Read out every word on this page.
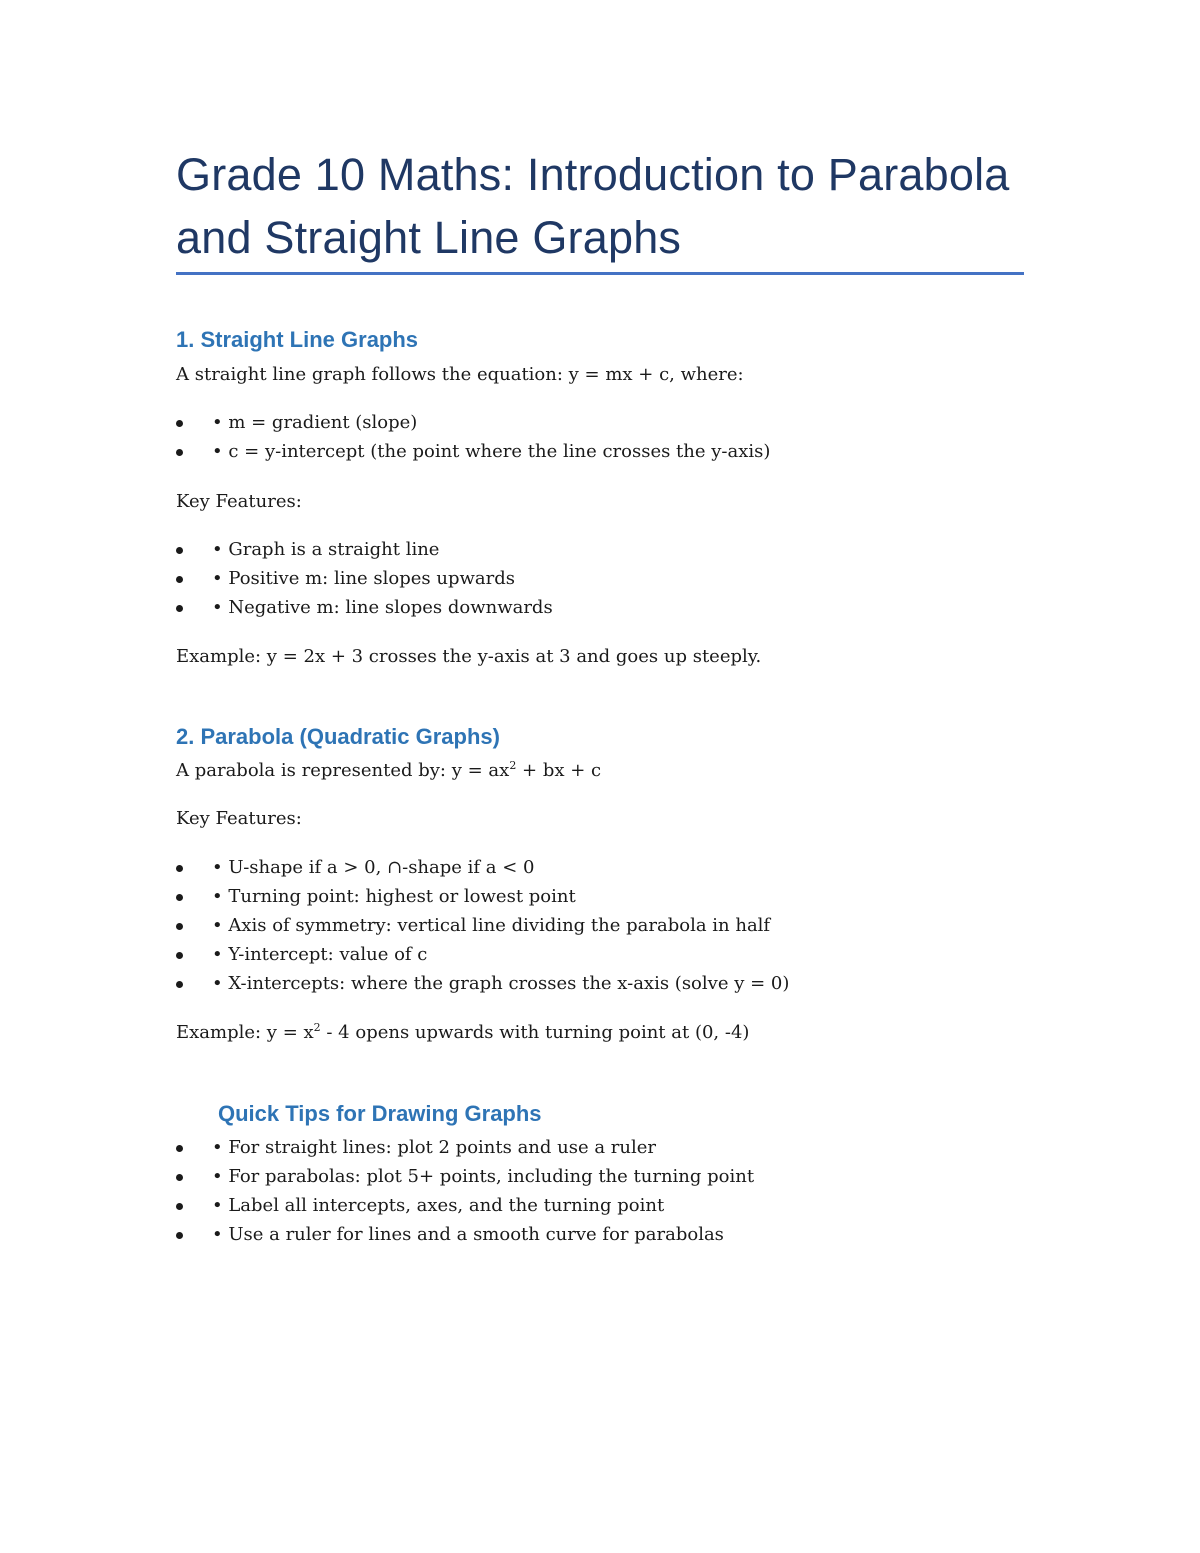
Grade 10 Maths: Introduction to Parabola and Straight Line Graphs
1. Straight Line Graphs

A straight line graph follows the equation: y = mx + c, where:

• m = gradient (slope)
• c = y-intercept (the point where the line crosses the y-axis)

Key Features:

• Graph is a straight line
• Positive m: line slopes upwards
• Negative m: line slopes downwards

Example: y = 2x + 3 crosses the y-axis at 3 and goes up steeply.

2. Parabola (Quadratic Graphs)

A parabola is represented by: $y = ax^2$ + bx + c

Key Features:

• U-shape if a > 0, ∩-shape if a < 0
• Turning point: highest or lowest point
• Axis of symmetry: vertical line dividing the parabola in half
• Y-intercept: value of c
• X-intercepts: where the graph crosses the x-axis (solve y = 0)

Example: $y = x^2 - 4$ opens upwards with turning point at (0, -4)

Quick Tips for Drawing Graphs
• For straight lines: plot 2 points and use a ruler
• For parabolas: plot 5+ points, including the turning point
• Label all intercepts, axes, and the turning point
• Use a ruler for lines and a smooth curve for parabolas
